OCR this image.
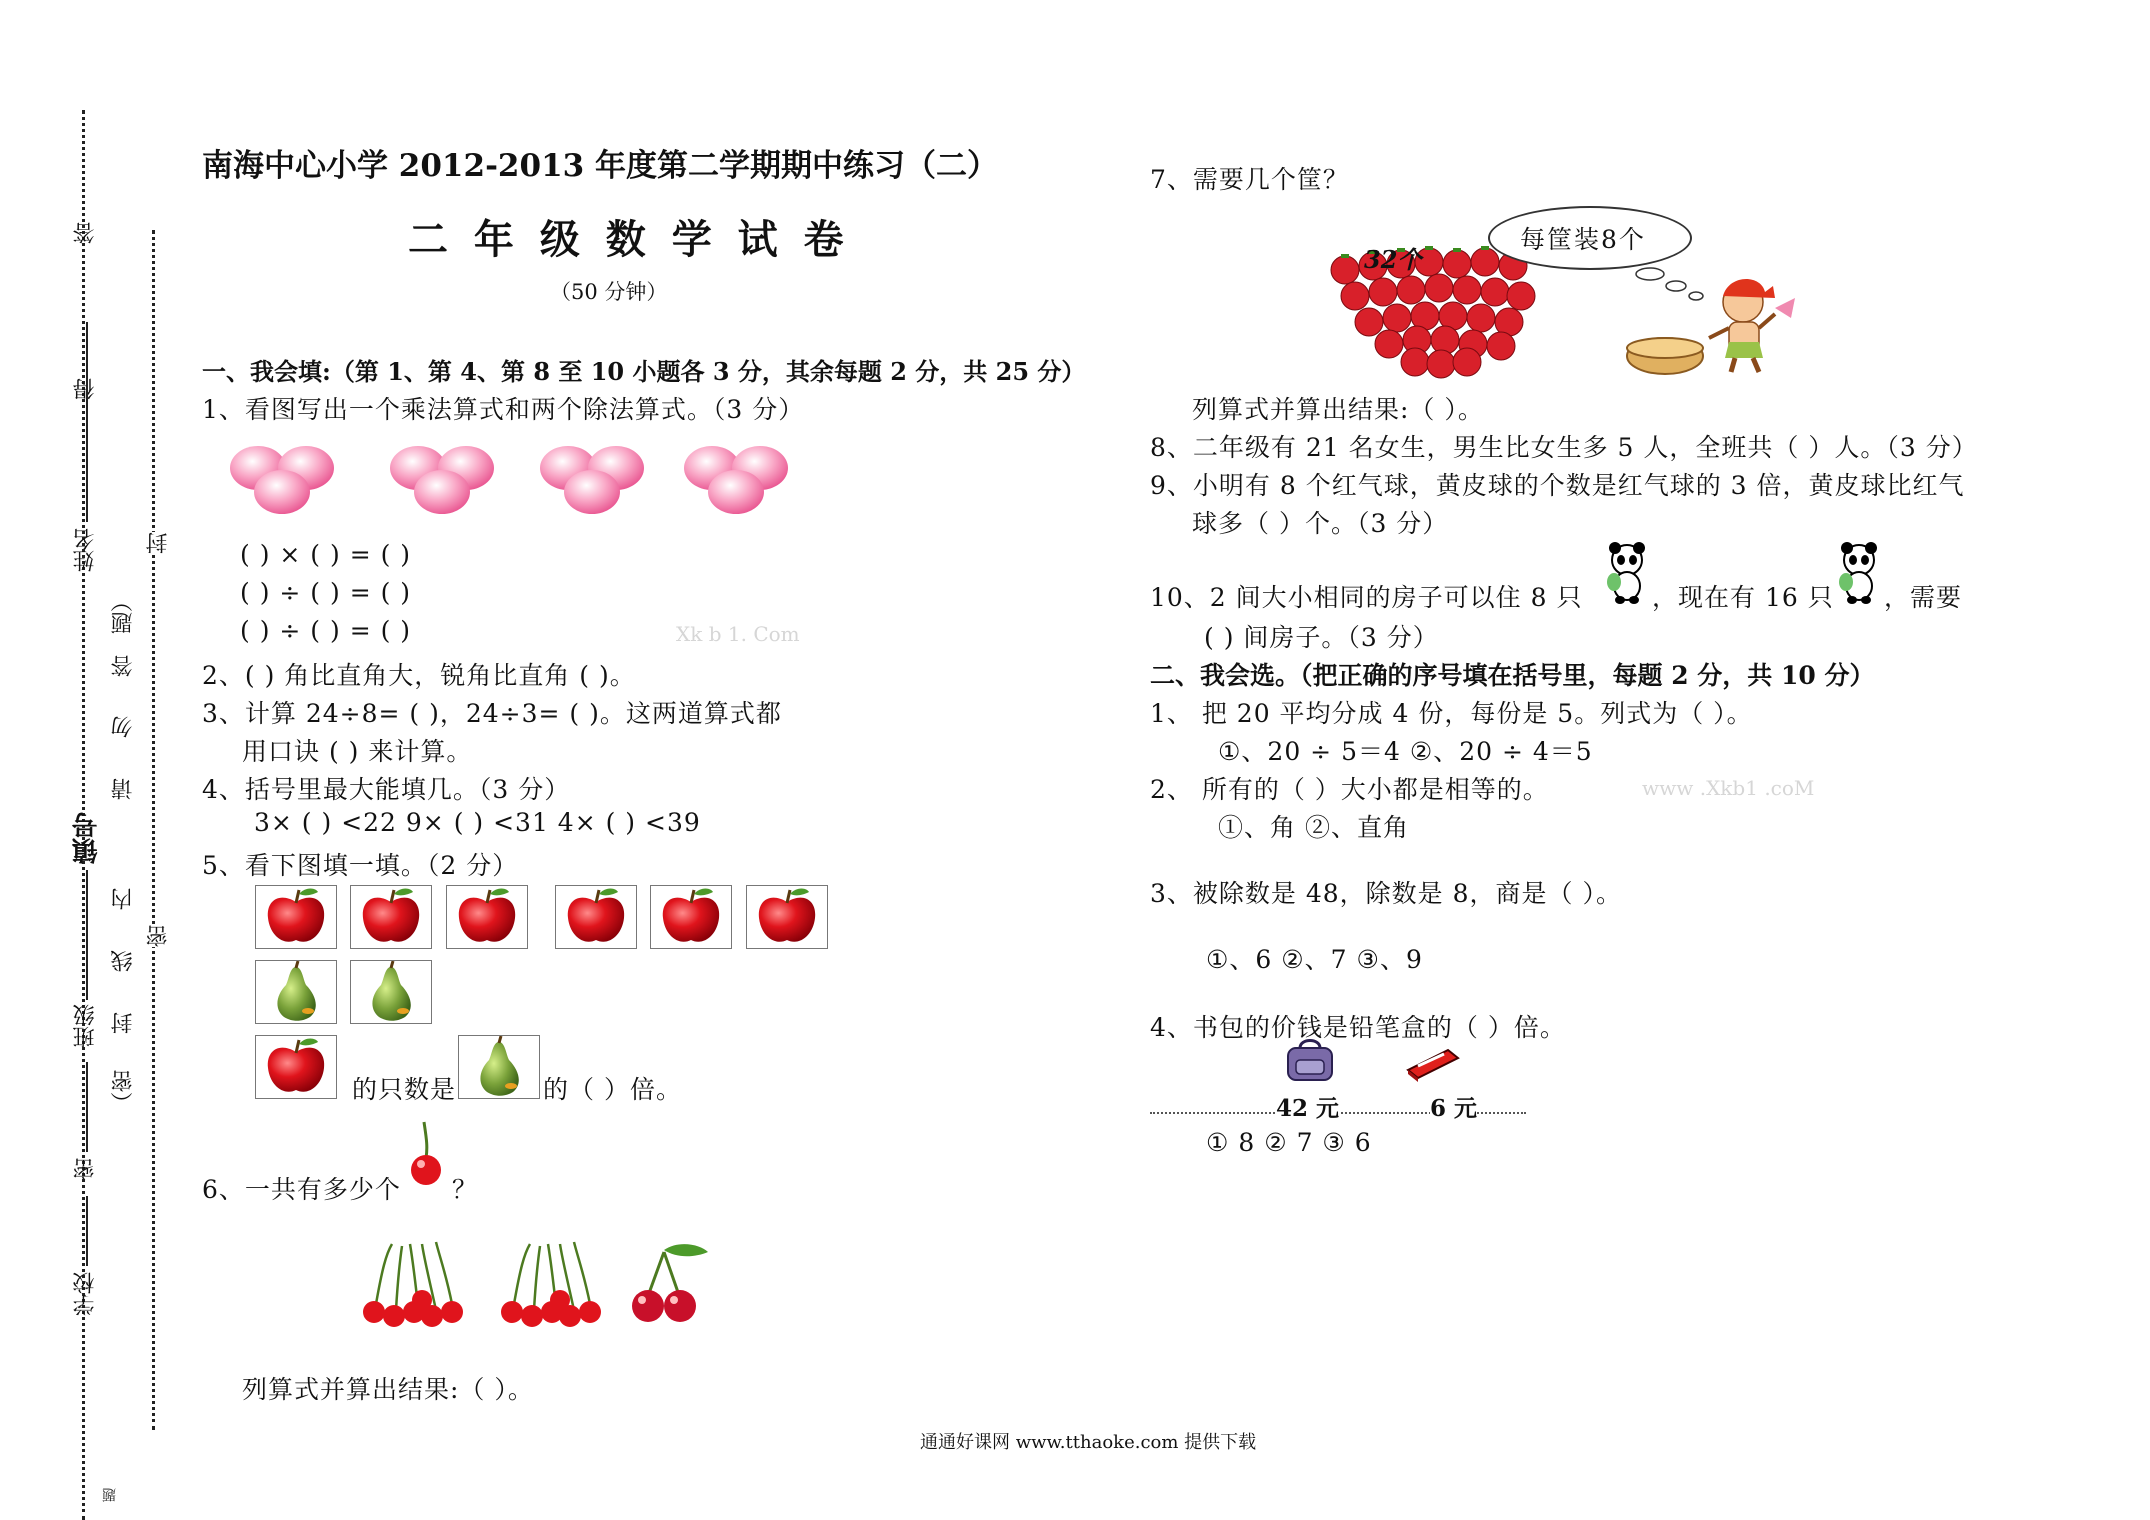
答
得
姓名
镇号
班级
密
学校
（密
封
线
内
请
勿
答
题）
封
密
题
南海中心小学 2012-2013 年度第二学期期中练习（二）
二 年 级 数 学 试 卷
（50 分钟）
一、我会填:（第 1、第 4、第 8 至 10 小题各 3 分，其余每题 2 分，共 25 分）
1、看图写出一个乘法算式和两个除法算式。（3 分）
( ) × ( ) = ( )
( ) ÷ ( ) = ( )
( ) ÷ ( ) = ( )	Xk b 1. Com
2、( ) 角比直角大，锐角比直角 ( )。
3、计算 24÷8= ( )，24÷3= ( )。这两道算式都
用口诀 ( ) 来计算。
4、括号里最大能填几。（3 分）
3× ( ) <22 9× ( ) <31 4× ( ) <39
5、看下图填一填。（2 分）
的只数是	的（ ）倍。
6、一共有多少个 ？
列算式并算出结果:（ ）。
7、需要几个筐？
32个
每筐装8个
列算式并算出结果:（ ）。
8、二年级有 21 名女生，男生比女生多 5 人，全班共（ ）人。（3 分）
9、小明有 8 个红气球，黄皮球的个数是红气球的 3 倍，黄皮球比红气
球多（ ）个。（3 分）
10、2 间大小相同的房子可以住 8 只	，现在有 16 只 ，需要
( ) 间房子。（3 分）
二、我会选。（把正确的序号填在括号里，每题 2 分，共 10 分）
1、 把 20 平均分成 4 份，每份是 5。列式为（ ）。
①、20 ÷ 5＝4 ②、20 ÷ 4＝5
2、 所有的（ ）大小都是相等的。	www .Xkb1 .coM
①、角 ②、直角
3、被除数是 48，除数是 8，商是（ ）。
①、6 ②、7 ③、9
4、书包的价钱是铅笔盒的（ ）倍。
42 元	6 元
① 8 ② 7 ③ 6
通通好课网 www.tthaoke.com 提供下载
